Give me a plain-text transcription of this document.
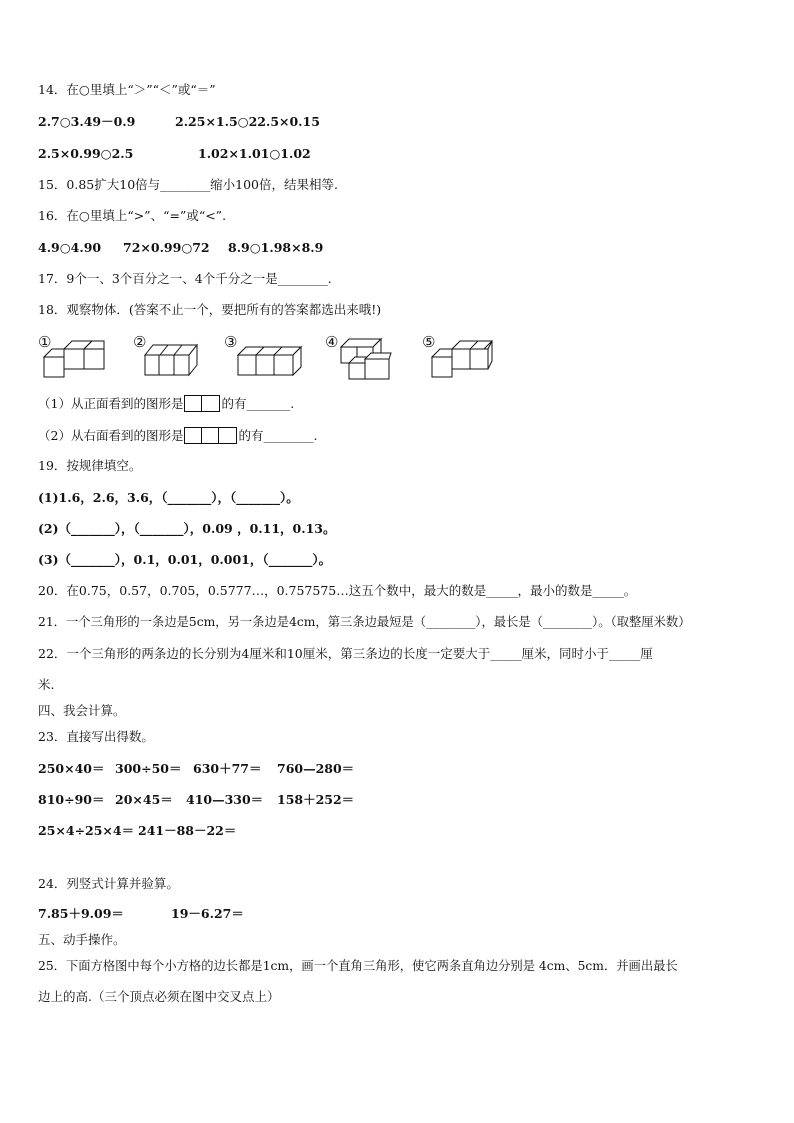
14．在○里填上“＞”“＜”或“＝”
2.7○3.49－0.9	2.25×1.5○22.5×0.15
2.5×0.99○2.5	1.02×1.01○1.02
15．0.85扩大10倍与________缩小100倍，结果相等.
16．在○里填上“>”、“=”或“<”.
4.9○4.90 72×0.99○72 8.9○1.98×8.9
17．9个一、3个百分之一、4个千分之一是________.
18．观察物体．(答案不止一个，要把所有的答案都选出来哦!)
①	②	③	④	⑤
（1）从正面看到的图形是	的有_______.
（2）从右面看到的图形是	的有________.
19．按规律填空。
(1)1.6，2.6，3.6，（_______），（_______）。
(2)（_______），（_______），0.09 ，0.11，0.13。
(3)（_______），0.1，0.01，0.001，（_______）。
20．在0.75，0.57，0.705，0.5777…，0.757575…这五个数中，最大的数是_____，最小的数是_____。
21．一个三角形的一条边是5cm，另一条边是4cm，第三条边最短是（________），最长是（________）。（取整厘米数）
22．一个三角形的两条边的长分别为4厘米和10厘米，第三条边的长度一定要大于_____厘米，同时小于_____厘
米.
四、我会计算。
23．直接写出得数。
250×40＝ 300÷50＝ 630＋77＝ 760—280＝
810÷90＝ 20×45＝ 410—330＝ 158＋252＝
25×4÷25×4＝ 241－88－22＝
24．列竖式计算并验算。
7.85＋9.09＝	19－6.27＝
五、动手操作。
25．下面方格图中每个小方格的边长都是1cm，画一个直角三角形，使它两条直角边分别是 4cm、5cm．并画出最长
边上的高.（三个顶点必须在图中交叉点上）
